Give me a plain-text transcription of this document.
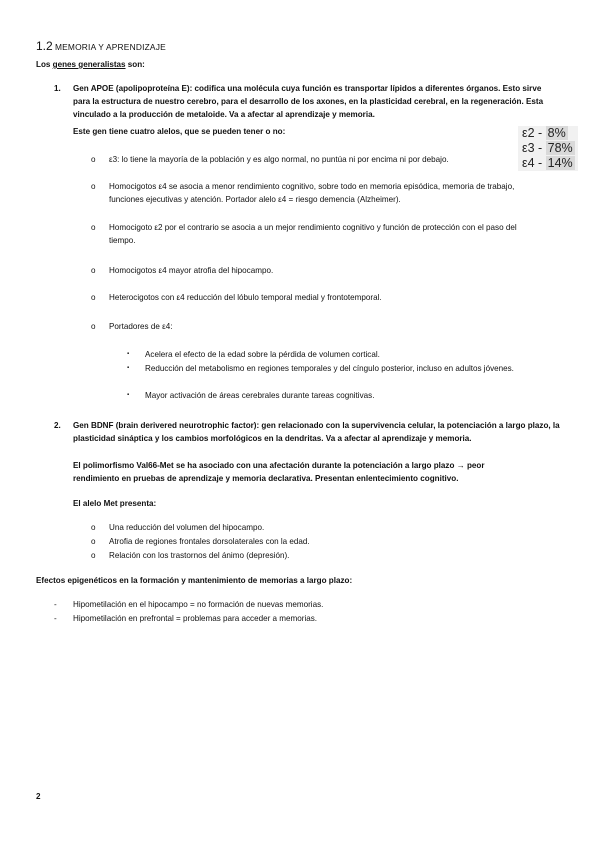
1.2 MEMORIA Y APRENDIZAJE
Los genes generalistas son:
1. Gen APOE (apolipoproteína E): codifica una molécula cuya función es transportar lípidos a diferentes órganos. Esto sirve para la estructura de nuestro cerebro, para el desarrollo de los axones, en la plasticidad cerebral, en la regeneración. Esta vinculado a la producción de metaloide. Va a afectar al aprendizaje y memoria.
Este gen tiene cuatro alelos, que se pueden tener o no:	ε2 - 8%
ε3 - 78%
ε4 - 14%
o ε3: lo tiene la mayoría de la población y es algo normal, no puntúa ni por encima ni por debajo.
o Homocigotos ε4 se asocia a menor rendimiento cognitivo, sobre todo en memoria episódica, memoria de trabajo, funciones ejecutivas y atención. Portador alelo ε4 = riesgo demencia (Alzheimer).
o Homocigoto ε2 por el contrario se asocia a un mejor rendimiento cognitivo y función de protección con el paso del tiempo.
o Homocigotos ε4 mayor atrofia del hipocampo.
o Heterocigotos con ε4 reducción del lóbulo temporal medial y frontotemporal.
o Portadores de ε4:
▪ Acelera el efecto de la edad sobre la pérdida de volumen cortical.
▪ Reducción del metabolismo en regiones temporales y del cíngulo posterior, incluso en adultos jóvenes.
▪ Mayor activación de áreas cerebrales durante tareas cognitivas.
2. Gen BDNF (brain derivered neurotrophic factor): gen relacionado con la supervivencia celular, la potenciación a largo plazo, la plasticidad sináptica y los cambios morfológicos en la dendritas. Va a afectar al aprendizaje y memoria.
El polimorfismo Val66-Met se ha asociado con una afectación durante la potenciación a largo plazo → peor rendimiento en pruebas de aprendizaje y memoria declarativa. Presentan enlentecimiento cognitivo.
El alelo Met presenta:
o Una reducción del volumen del hipocampo.
o Atrofia de regiones frontales dorsolaterales con la edad.
o Relación con los trastornos del ánimo (depresión).
Efectos epigenéticos en la formación y mantenimiento de memorias a largo plazo:
- Hipometilación en el hipocampo = no formación de nuevas memorias.
- Hipometilación en prefrontal = problemas para acceder a memorias.
2
